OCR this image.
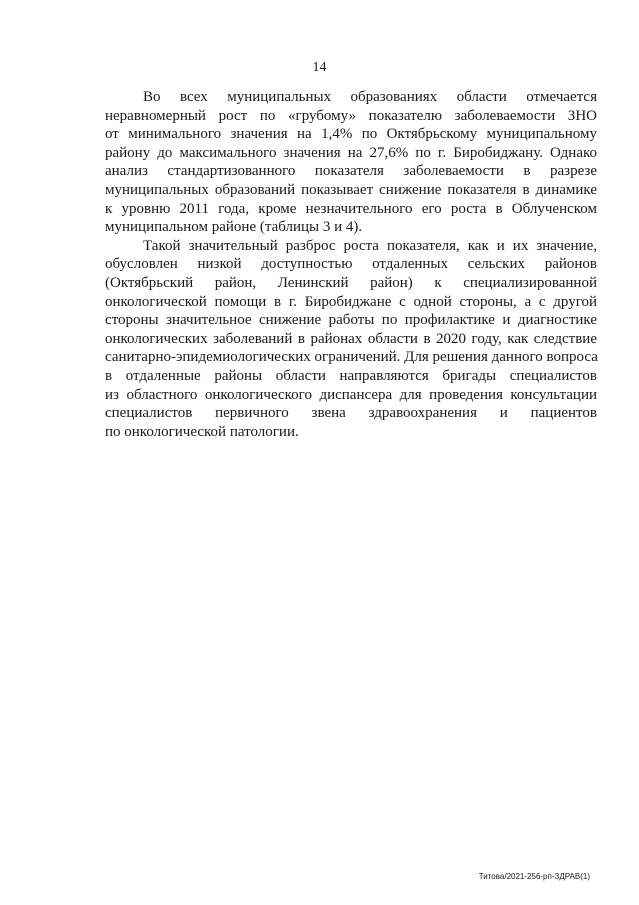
14
Во всех муниципальных образованиях области отмечается
неравномерный рост по «грубому» показателю заболеваемости ЗНО
от минимального значения на 1,4% по Октябрьскому муниципальному
району до максимального значения на 27,6% по г. Биробиджану. Однако
анализ стандартизованного показателя заболеваемости в разрезе
муниципальных образований показывает снижение показателя в динамике
к уровню 2011 года, кроме незначительного его роста в Облученском
муниципальном районе (таблицы 3 и 4).
Такой значительный разброс роста показателя, как и их значение,
обусловлен низкой доступностью отдаленных сельских районов
(Октябрьский район, Ленинский район) к специализированной
онкологической помощи в г. Биробиджане с одной стороны, а с другой
стороны значительное снижение работы по профилактике и диагностике
онкологических заболеваний в районах области в 2020 году, как следствие
санитарно-эпидемиологических ограничений. Для решения данного вопроса
в отдаленные районы области направляются бригады специалистов
из областного онкологического диспансера для проведения консультации
специалистов первичного звена здравоохранения и пациентов
по онкологической патологии.
Титова/2021-256-рп-ЗДРАВ(1)
